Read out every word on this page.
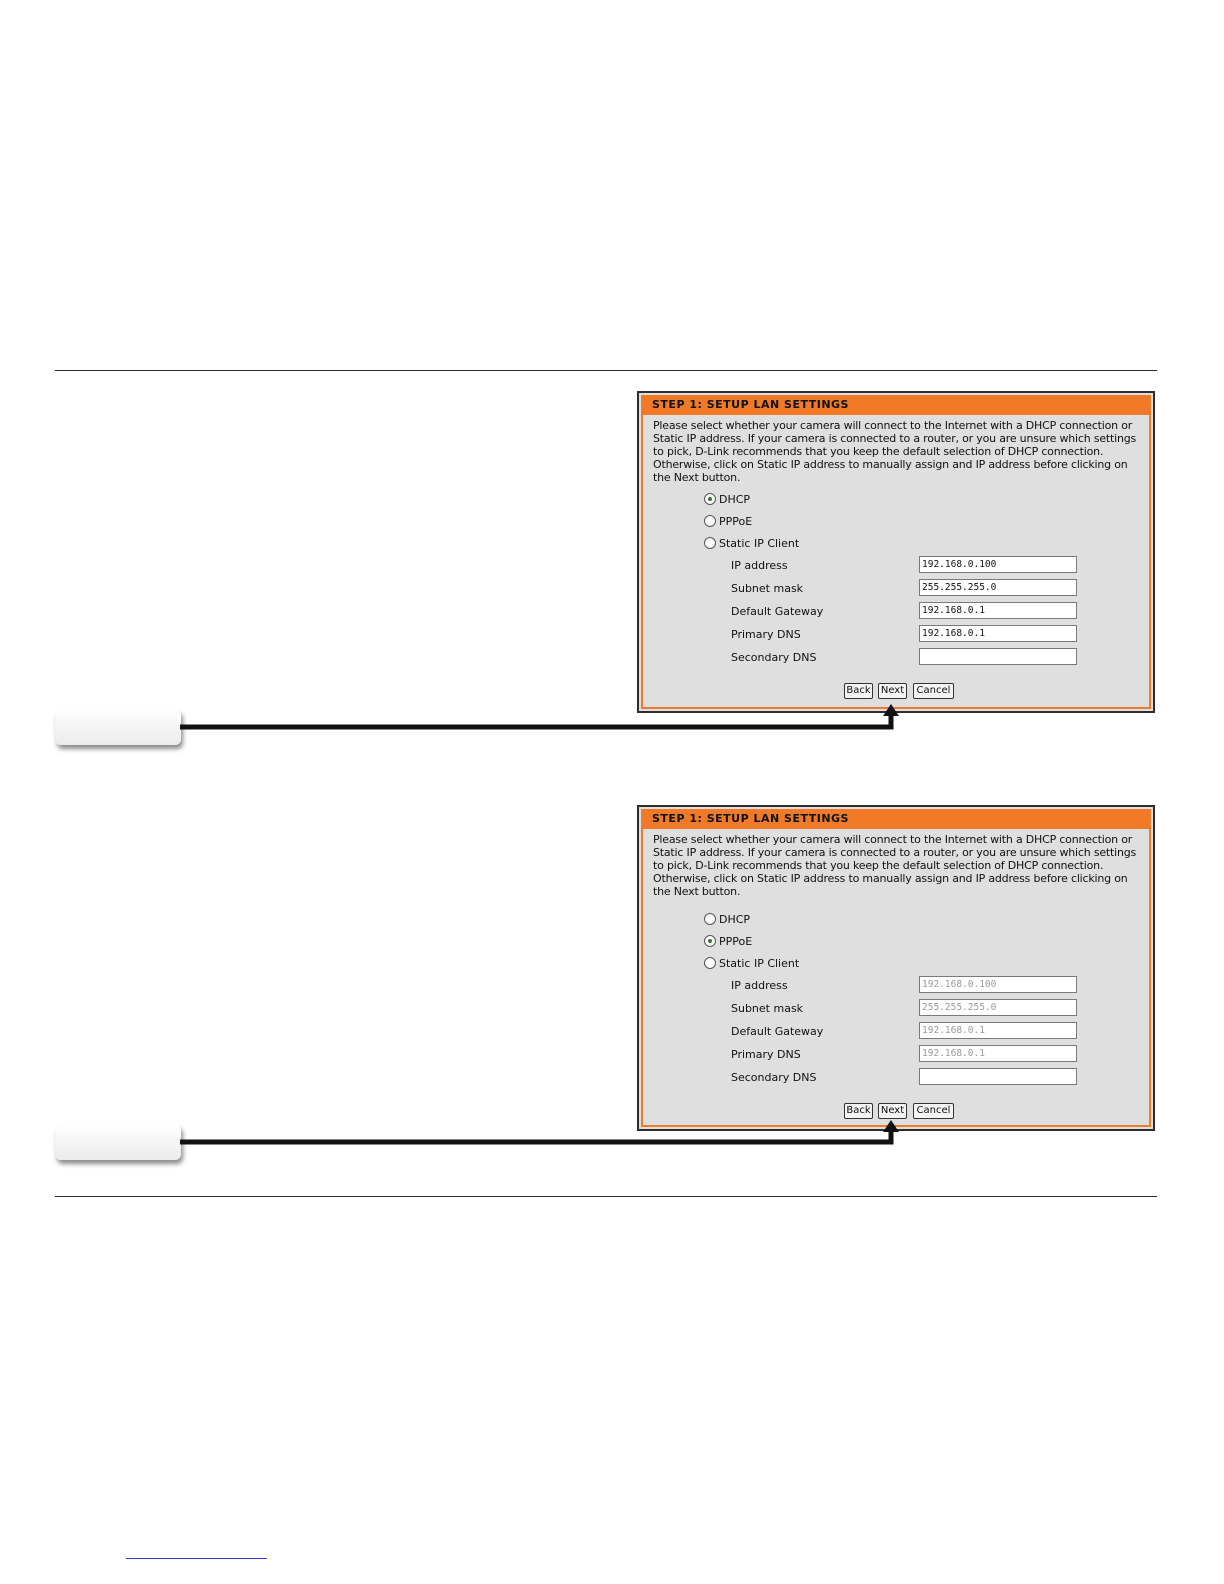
STEP 1: SETUP LAN SETTINGS
Please select whether your camera will connect to the Internet with a DHCP connection or Static IP address. If your camera is connected to a router, or you are unsure which settings to pick, D-Link recommends that you keep the default selection of DHCP connection. Otherwise, click on Static IP address to manually assign and IP address before clicking on the Next button.
DHCP
PPPoE
Static IP Client
IP address	192.168.0.100
Subnet mask	255.255.255.0
Default Gateway	192.168.0.1
Primary DNS	192.168.0.1
Secondary DNS
Back Next	Cancel
STEP 1: SETUP LAN SETTINGS
Please select whether your camera will connect to the Internet with a DHCP connection or Static IP address. If your camera is connected to a router, or you are unsure which settings to pick, D-Link recommends that you keep the default selection of DHCP connection. Otherwise, click on Static IP address to manually assign and IP address before clicking on the Next button.
DHCP
PPPoE
Static IP Client
IP address	192.168.0.100
Subnet mask	255.255.255.0
Default Gateway	192.168.0.1
Primary DNS	192.168.0.1
Secondary DNS
Back Next	Cancel
